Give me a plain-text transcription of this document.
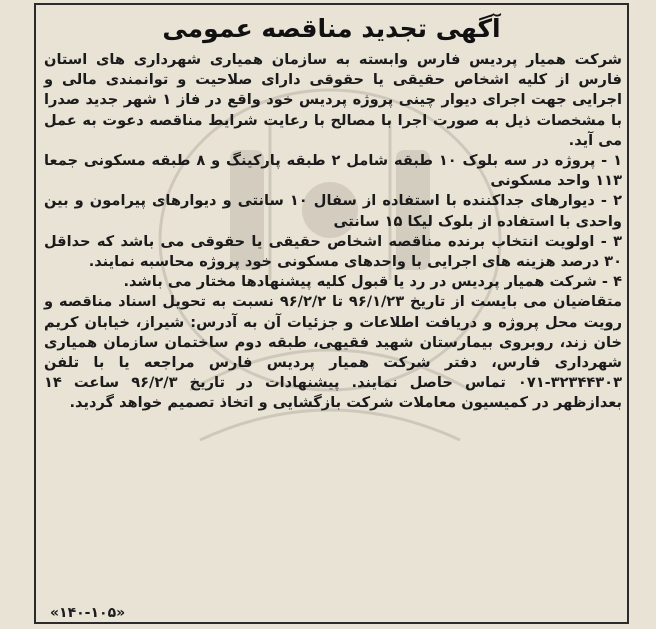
آگهی تجدید مناقصه عمومی

شرکت همیار پردیس فارس وابسته به سازمان همیاری شهرداری های استان فارس از کلیه اشخاص حقیقی یا حقوقی دارای صلاحیت و توانمندی مالی و اجرایی جهت اجرای دیوار چینی پروژه پردیس خود واقع در فاز ۱ شهر جدید صدرا با مشخصات ذیل به صورت اجرا با مصالح با رعایت شرایط مناقصه دعوت به عمل می آید.

۱ - پروژه در سه بلوک ۱۰ طبقه شامل ۲ طبقه پارکینگ و ۸ طبقه مسکونی جمعا ۱۱۳ واحد مسکونی

۲ - دیوارهای جداکننده با استفاده از سفال ۱۰ سانتی و دیوارهای پیرامون و بین واحدی با استفاده از بلوک لیکا ۱۵ سانتی

۳ - اولویت انتخاب برنده مناقصه اشخاص حقیقی یا حقوقی می باشد که حداقل ۳۰ درصد هزینه های اجرایی با واحدهای مسکونی خود پروژه محاسبه نمایند.

۴ - شرکت همیار پردیس در رد یا قبول کلیه پیشنهادها مختار می باشد.

متقاضیان می بایست از تاریخ ۹۶/۱/۲۳ تا ۹۶/۲/۲ نسبت به تحویل اسناد مناقصه و رویت محل پروژه و دریافت اطلاعات و جزئیات آن به آدرس: شیراز، خیابان کریم خان زند، روبروی بیمارستان شهید فقیهی، طبقه دوم ساختمان سازمان همیاری شهرداری فارس، دفتر شرکت همیار پردیس فارس مراجعه یا با تلفن ۳۲۳۴۴۳۰۳-۰۷۱ تماس حاصل نمایند. پیشنهادات در تاریخ ۹۶/۲/۳ ساعت ۱۴ بعدازظهر در کمیسیون معاملات شرکت بازگشایی و اتخاذ تصمیم خواهد گردید.

«۱۴۰-۱۰۵»
